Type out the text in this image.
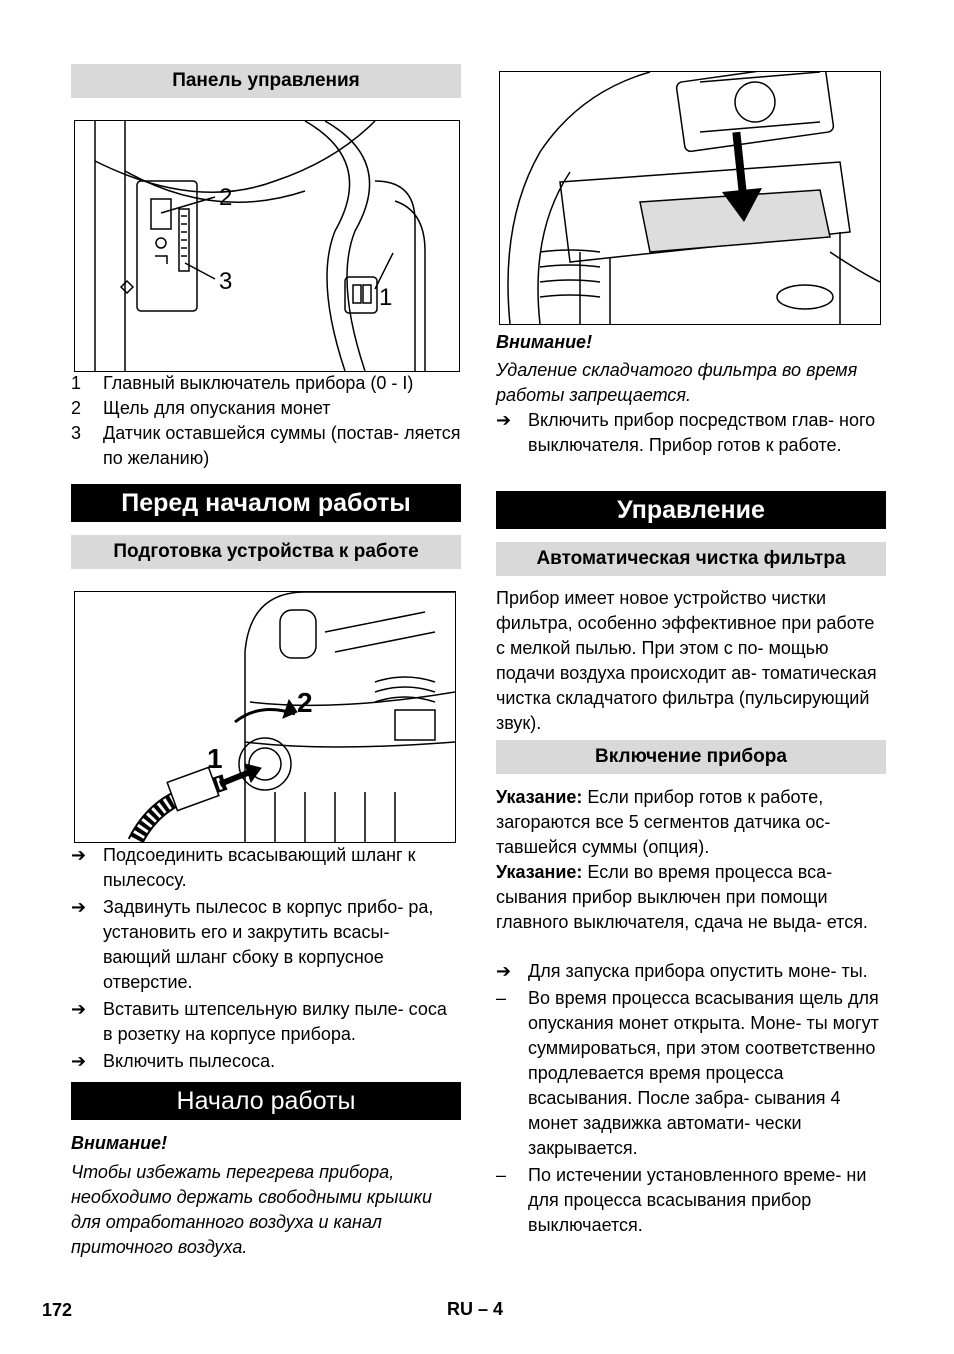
Панель управления
2
3
1
1	Главный выключатель прибора (0 - I)
2	Щель для опускания монет
3	Датчик оставшейся суммы (постав- ляется по желанию)
Перед началом работы
Подготовка устройства к работе
1
2
➔ Подсоединить всасывающий шланг к пылесосу.
➔ Задвинуть пылесос в корпус прибо- ра, установить его и закрутить всасы- вающий шланг сбоку в корпусное отверстие.
➔ Вставить штепсельную вилку пыле- соса в розетку на корпусе прибора.
➔ Включить пылесоса.
Начало работы
Внимание!
Чтобы избежать перегрева прибора, необходимо держать свободными крышки для отработанного воздуха и канал приточного воздуха.
Внимание!
Удаление складчатого фильтра во время работы запрещается.
➔ Включить прибор посредством глав- ного выключателя. Прибор готов к работе.
Управление
Автоматическая чистка фильтра
Прибор имеет новое устройство чистки фильтра, особенно эффективное при работе с мелкой пылью. При этом с по- мощью подачи воздуха происходит ав- томатическая чистка складчатого фильтра (пульсирующий звук).
Включение прибора
Указание: Если прибор готов к работе, загораются все 5 сегментов датчика ос- тавшейся суммы (опция).
Указание: Если во время процесса вса- сывания прибор выключен при помощи главного выключателя, сдача не выда- ется.
➔ Для запуска прибора опустить моне- ты.
–	Во время процесса всасывания щель для опускания монет открыта. Моне- ты могут суммироваться, при этом соответственно продлевается время процесса всасывания. После забра- сывания 4 монет задвижка автомати- чески закрывается.
–	По истечении установленного време- ни для процесса всасывания прибор выключается.
172	RU – 4
